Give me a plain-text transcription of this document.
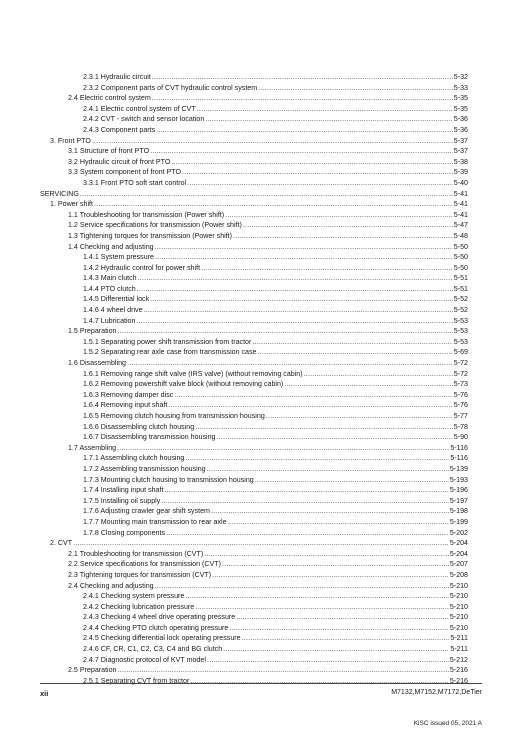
2.3.1 Hydraulic circuit .....	5-32
2.3.2 Component parts of CVT hydraulic control system .....	5-33
2.4 Electric control system .....	5-35
2.4.1 Electric control system of CVT .....	5-35
2.4.2 CVT - switch and sensor location .....	5-36
2.4.3 Component parts .....	5-36
3. Front PTO .....	5-37
3.1 Structure of front PTO .....	5-37
3.2 Hydraulic circuit of front PTO .....	5-38
3.3 System component of front PTO .....	5-39
3.3.1 Front PTO soft start control .....	5-40
SERVICING .....	5-41
1. Power shift .....	5-41
1.1 Troubleshooting for transmission (Power shift) .....	5-41
1.2 Service specifications for transmission (Power shift) .....	5-47
1.3 Tightening torques for transmission (Power shift) .....	5-48
1.4 Checking and adjusting .....	5-50
1.4.1 System pressure .....	5-50
1.4.2 Hydraulic control for power shift .....	5-50
1.4.3 Main clutch .....	5-51
1.4.4 PTO clutch .....	5-51
1.4.5 Differential lock .....	5-52
1.4.6 4 wheel drive .....	5-52
1.4.7 Lubrication .....	5-53
1.5 Preparation .....	5-53
1.5.1 Separating power shift transmission from tractor .....	5-53
1.5.2 Separating rear axle case from transmission case .....	5-69
1.6 Disassembling .....	5-72
1.6.1 Removing range shift valve (IRS valve) (without removing cabin) .....	5-72
1.6.2 Removing powershift valve block (without removing cabin) .....	5-73
1.6.3 Removing damper disc .....	5-76
1.6.4 Removing input shaft .....	5-76
1.6.5 Removing clutch housing from transmission housing .....	5-77
1.6.6 Disassembling clutch housing .....	5-78
1.6.7 Disassembling transmission housing .....	5-90
1.7 Assembling .....	5-116
1.7.1 Assembling clutch housing .....	5-116
1.7.2 Assembling transmission housing .....	5-139
1.7.3 Mounting clutch housing to transmission housing .....	5-193
1.7.4 Installing input shaft .....	5-196
1.7.5 Installing oil supply .....	5-197
1.7.6 Adjusting crawler gear shift system .....	5-198
1.7.7 Mounting main transmission to rear axle .....	5-199
1.7.8 Closing components .....	5-202
2. CVT .....	5-204
2.1 Troubleshooting for transmission (CVT) .....	5-204
2.2 Service specifications for transmission (CVT) .....	5-207
2.3 Tightening torques for transmission (CVT) .....	5-208
2.4 Checking and adjusting .....	5-210
2.4.1 Checking system pressure .....	5-210
2.4.2 Checking lubrication pressure .....	5-210
2.4.3 Checking 4 wheel drive operating pressure .....	5-210
2.4.4 Checking PTO clutch operating pressure .....	5-210
2.4.5 Checking differential lock operating pressure .....	5-211
2.4.6 CF, CR, C1, C2, C3, C4 and BG clutch .....	5-211
2.4.7 Diagnostic protocol of KVT model .....	5-212
2.5 Preparation .....	5-216
2.5.1 Separating CVT from tractor .....	5-216
xii	M7132,M7152,M7172,DeTier
KiSC issued 05, 2021 A
